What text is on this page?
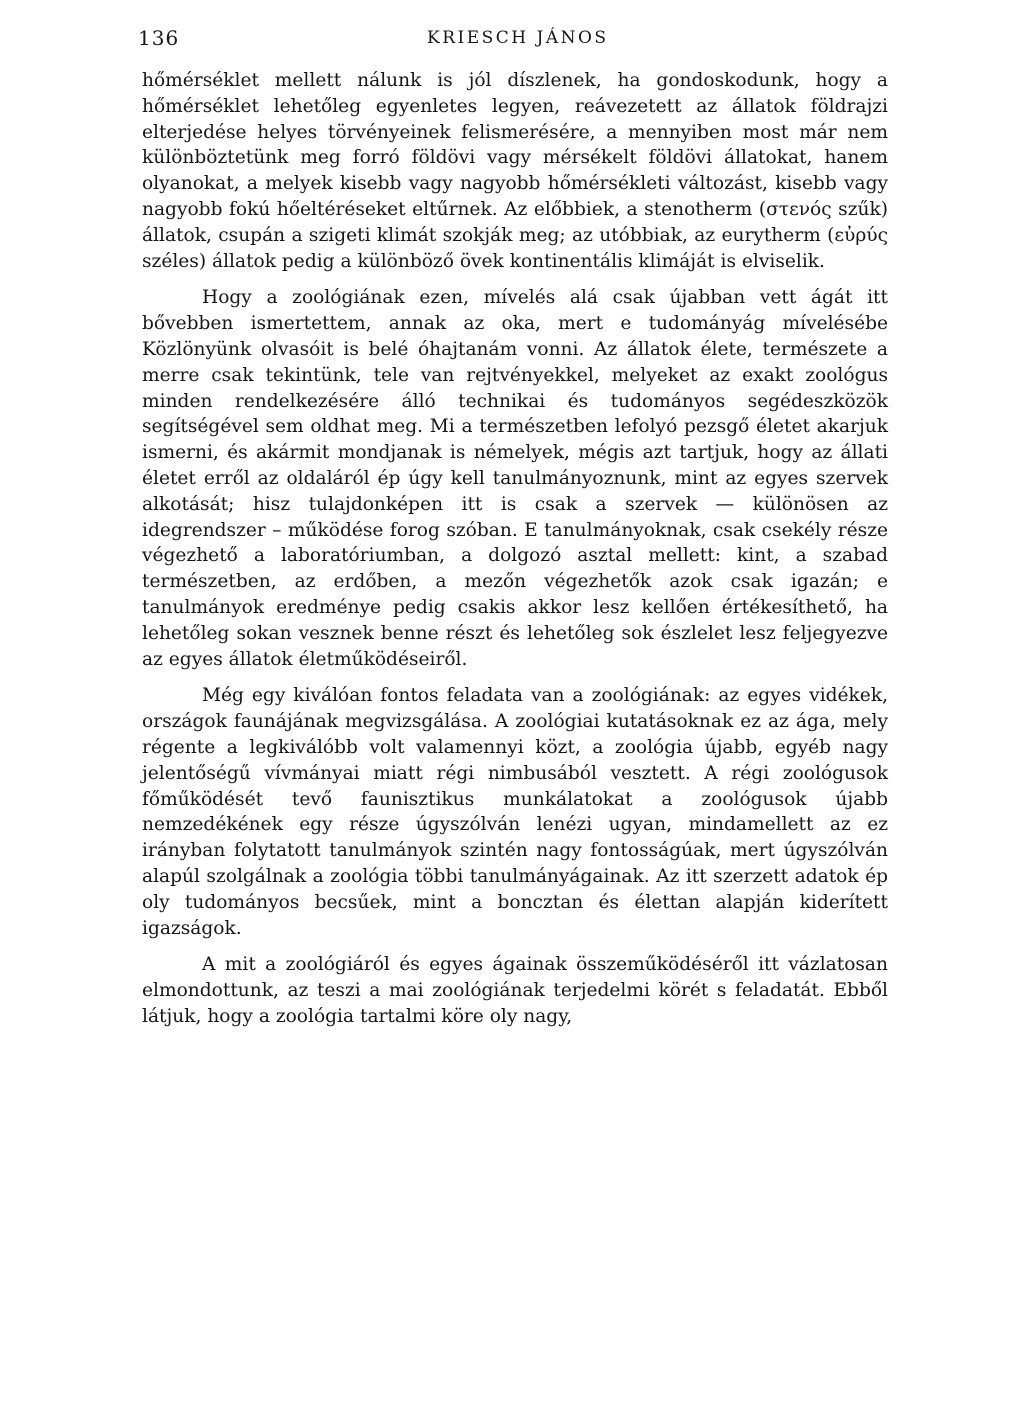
136	KRIESCH JÁNOS

hőmérséklet mellett nálunk is jól díszlenek, ha gondoskodunk, hogy a hőmérséklet lehetőleg egyenletes legyen, reávezetett az állatok földrajzi elterjedése helyes törvényeinek felismerésére, a mennyiben most már nem különböztetünk meg forró földövi vagy mérsékelt földövi állatokat, hanem olyanokat, a melyek kisebb vagy nagyobb hőmérsékleti változást, kisebb vagy nagyobb fokú hőeltéréseket eltűrnek. Az előbbiek, a stenotherm (στενός szűk) állatok, csupán a szigeti klimát szokják meg; az utóbbiak, az eurytherm (εὐρύς széles) állatok pedig a különböző övek kontinentális klimáját is elviselik.

Hogy a zoológiának ezen, mívelés alá csak újabban vett ágát itt bővebben ismertettem, annak az oka, mert e tudományág mívelésébe Közlönyünk olvasóit is belé óhajtanám vonni. Az állatok élete, természete a merre csak tekintünk, tele van rejtvényekkel, melyeket az exakt zoológus minden rendelkezésére álló technikai és tudományos segédeszközök segítségével sem oldhat meg. Mi a természetben lefolyó pezsgő életet akarjuk ismerni, és akármit mondjanak is némelyek, mégis azt tartjuk, hogy az állati életet erről az oldaláról ép úgy kell tanulmányoznunk, mint az egyes szervek alkotását; hisz tulajdonképen itt is csak a szervek — különösen az idegrendszer – működése forog szóban. E tanulmányoknak, csak csekély része végezhető a laboratóriumban, a dolgozó asztal mellett: kint, a szabad természetben, az erdőben, a mezőn végezhetők azok csak igazán; e tanulmányok eredménye pedig csakis akkor lesz kellően értékesíthető, ha lehetőleg sokan vesznek benne részt és lehetőleg sok észlelet lesz feljegyezve az egyes állatok életműködéseiről.

Még egy kiválóan fontos feladata van a zoológiának: az egyes vidékek, országok faunájának megvizsgálása. A zoológiai kutatásoknak ez az ága, mely régente a legkiválóbb volt valamennyi közt, a zoológia újabb, egyéb nagy jelentőségű vívmányai miatt régi nimbusából vesztett. A régi zoológusok főműködését tevő faunisztikus munkálatokat a zoológusok újabb nemzedékének egy része úgyszólván lenézi ugyan, mindamellett az ez irányban folytatott tanulmányok szintén nagy fontosságúak, mert úgyszólván alapúl szolgálnak a zoológia többi tanulmányágainak. Az itt szerzett adatok ép oly tudományos becsűek, mint a boncztan és élettan alapján kiderített igazságok.

A mit a zoológiáról és egyes ágainak összeműködéséről itt vázlatosan elmondottunk, az teszi a mai zoológiának terjedelmi körét s feladatát. Ebből látjuk, hogy a zoológia tartalmi köre oly nagy,
